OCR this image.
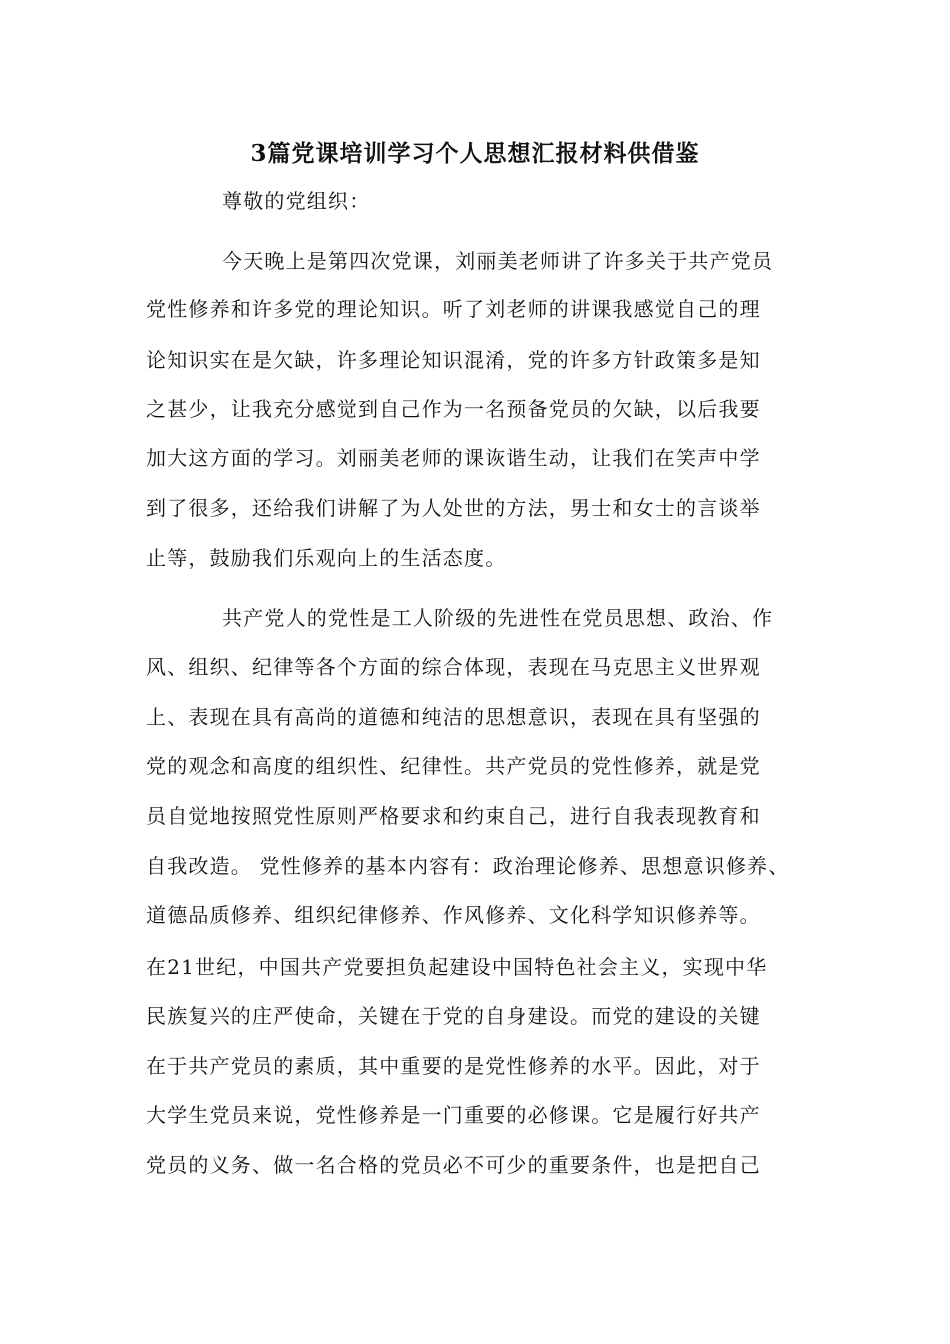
3篇党课培训学习个人思想汇报材料供借鉴
尊敬的党组织：
今天晚上是第四次党课，刘丽美老师讲了许多关于共产党员
党性修养和许多党的理论知识。听了刘老师的讲课我感觉自己的理
论知识实在是欠缺，许多理论知识混淆，党的许多方针政策多是知
之甚少，让我充分感觉到自己作为一名预备党员的欠缺，以后我要
加大这方面的学习。刘丽美老师的课诙谐生动，让我们在笑声中学
到了很多，还给我们讲解了为人处世的方法，男士和女士的言谈举
止等，鼓励我们乐观向上的生活态度。
共产党人的党性是工人阶级的先进性在党员思想、政治、作
风、组织、纪律等各个方面的综合体现，表现在马克思主义世界观
上、表现在具有高尚的道德和纯洁的思想意识，表现在具有坚强的
党的观念和高度的组织性、纪律性。共产党员的党性修养，就是党
员自觉地按照党性原则严格要求和约束自己，进行自我表现教育和
自我改造。 党性修养的基本内容有：政治理论修养、思想意识修养、
道德品质修养、组织纪律修养、作风修养、文化科学知识修养等。
在21世纪，中国共产党要担负起建设中国特色社会主义，实现中华
民族复兴的庄严使命，关键在于党的自身建设。而党的建设的关键
在于共产党员的素质，其中重要的是党性修养的水平。因此，对于
大学生党员来说，党性修养是一门重要的必修课。它是履行好共产
党员的义务、做一名合格的党员必不可少的重要条件，也是把自己
